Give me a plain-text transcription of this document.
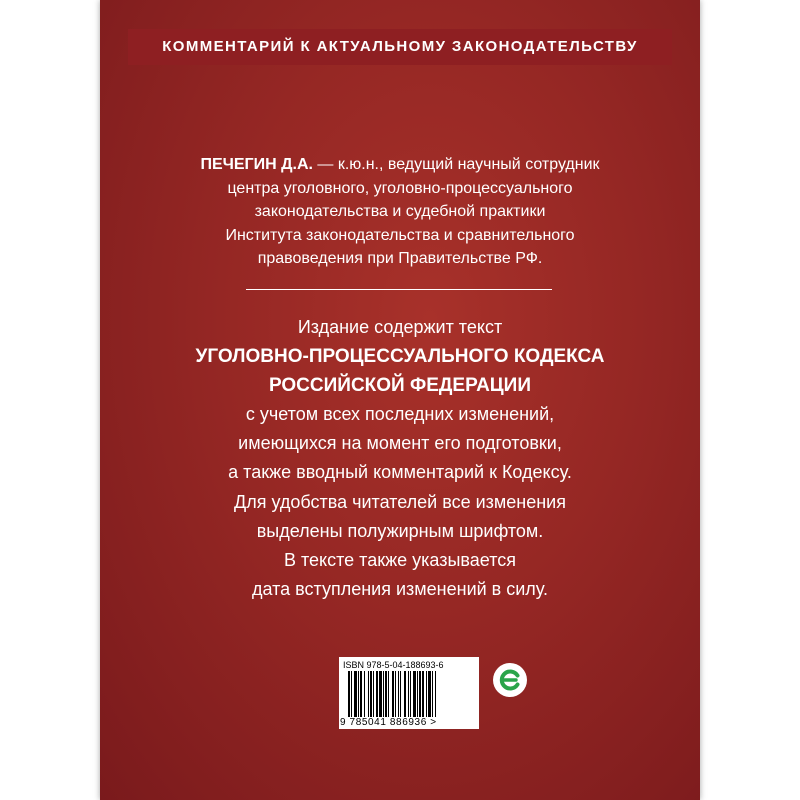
КОММЕНТАРИЙ К АКТУАЛЬНОМУ ЗАКОНОДАТЕЛЬСТВУ
ПЕЧЕГИН Д.А. — к.ю.н., ведущий научный сотрудник
центра уголовного, уголовно-процессуального
законодательства и судебной практики
Института законодательства и сравнительного
правоведения при Правительстве РФ.
Издание содержит текст
УГОЛОВНО-ПРОЦЕССУАЛЬНОГО КОДЕКСА
РОССИЙСКОЙ ФЕДЕРАЦИИ
с учетом всех последних изменений,
имеющихся на момент его подготовки,
а также вводный комментарий к Кодексу.
Для удобства читателей все изменения
выделены полужирным шрифтом.
В тексте также указывается
дата вступления изменений в силу.
ISBN 978-5-04-188693-6
9 785041 886936 >
